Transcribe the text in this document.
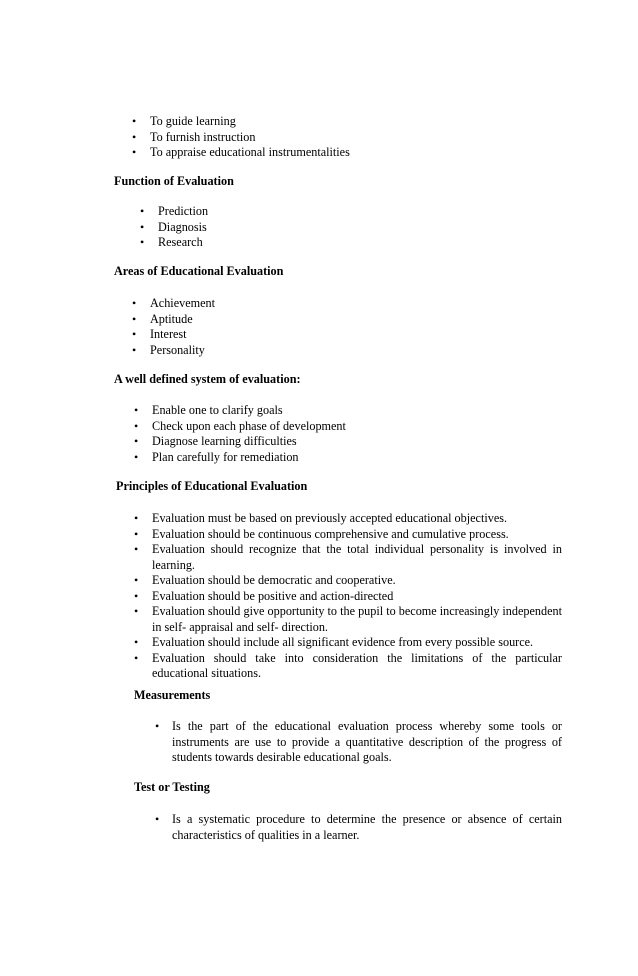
• To guide learning
• To furnish instruction
• To appraise educational instrumentalities
Function of Evaluation
• Prediction
• Diagnosis
• Research
Areas of Educational Evaluation
• Achievement
• Aptitude
• Interest
• Personality
A well defined system of evaluation:
• Enable one to clarify goals
• Check upon each phase of development
• Diagnose learning difficulties
• Plan carefully for remediation
Principles of Educational Evaluation
• Evaluation must be based on previously accepted educational objectives.
• Evaluation should be continuous comprehensive and cumulative process.
• Evaluation should recognize that the total individual personality is involved in learning.
• Evaluation should be democratic and cooperative.
• Evaluation should be positive and action-directed
• Evaluation should give opportunity to the pupil to become increasingly independent in self- appraisal and self- direction.
• Evaluation should include all significant evidence from every possible source.
• Evaluation should take into consideration the limitations of the particular educational situations.
Measurements
• Is the part of the educational evaluation process whereby some tools or instruments are use to provide a quantitative description of the progress of students towards desirable educational goals.
Test or Testing
• Is a systematic procedure to determine the presence or absence of certain characteristics of qualities in a learner.
